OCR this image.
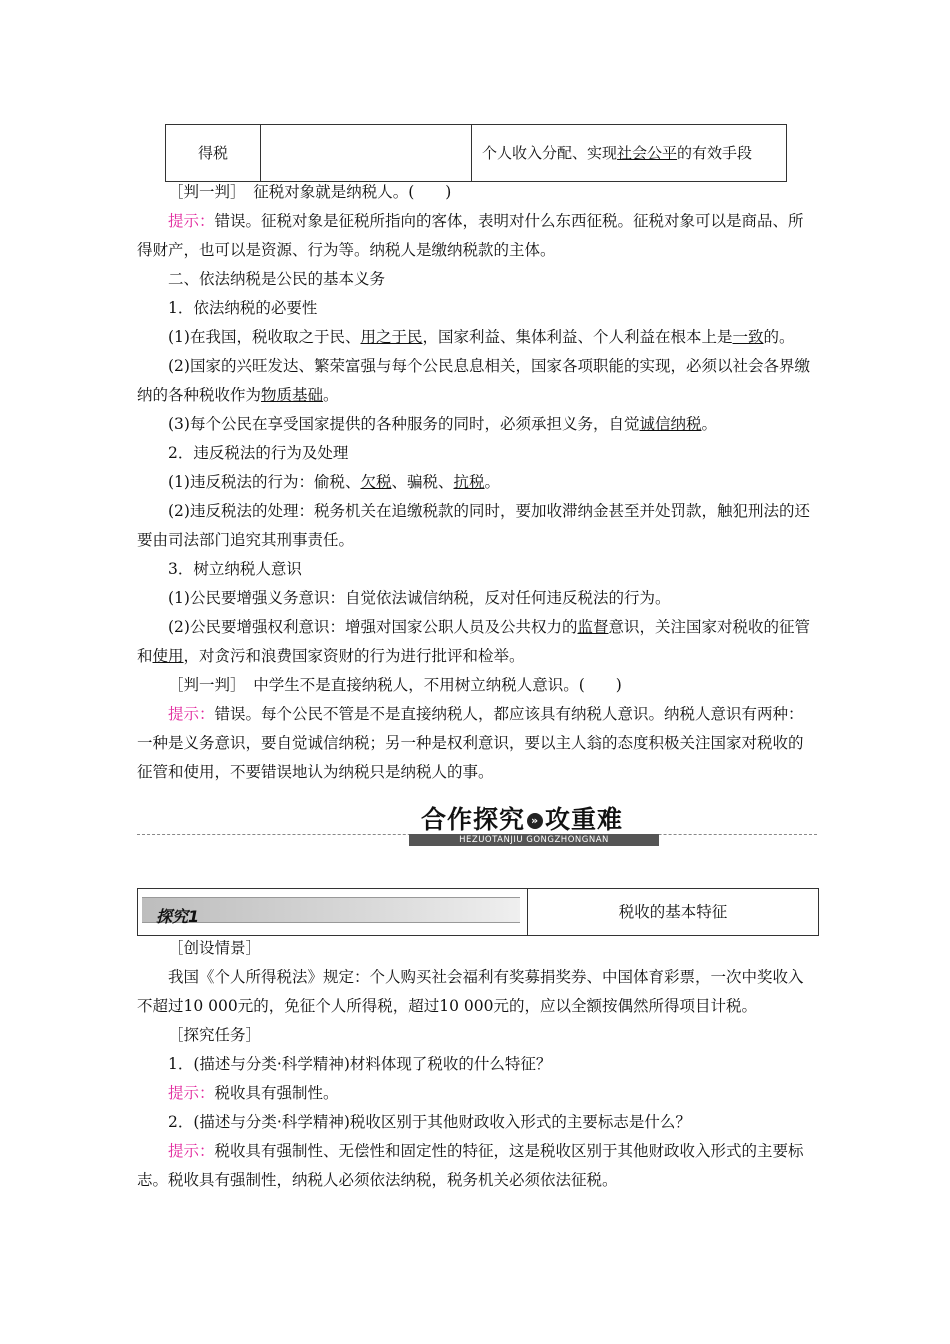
得税		个人收入分配、实现社会公平的有效手段
［判一判］　征税对象就是纳税人。(　　)
提示：错误。征税对象是征税所指向的客体，表明对什么东西征税。征税对象可以是商品、所得财产，也可以是资源、行为等。纳税人是缴纳税款的主体。
二、依法纳税是公民的基本义务
1．依法纳税的必要性
(1)在我国，税收取之于民、用之于民，国家利益、集体利益、个人利益在根本上是一致的。
(2)国家的兴旺发达、繁荣富强与每个公民息息相关，国家各项职能的实现，必须以社会各界缴纳的各种税收作为物质基础。
(3)每个公民在享受国家提供的各种服务的同时，必须承担义务，自觉诚信纳税。
2．违反税法的行为及处理
(1)违反税法的行为：偷税、欠税、骗税、抗税。
(2)违反税法的处理：税务机关在追缴税款的同时，要加收滞纳金甚至并处罚款，触犯刑法的还要由司法部门追究其刑事责任。
3．树立纳税人意识
(1)公民要增强义务意识：自觉依法诚信纳税，反对任何违反税法的行为。
(2)公民要增强权利意识：增强对国家公职人员及公共权力的监督意识，关注国家对税收的征管和使用，对贪污和浪费国家资财的行为进行批评和检举。
［判一判］　中学生不是直接纳税人，不用树立纳税人意识。(　　)
提示：错误。每个公民不管是不是直接纳税人，都应该具有纳税人意识。纳税人意识有两种：一种是义务意识，要自觉诚信纳税；另一种是权利意识，要以主人翁的态度积极关注国家对税收的征管和使用，不要错误地认为纳税只是纳税人的事。
合作探究 » 攻重难
HEZUOTANJIU GONGZHONGNAN
探究1	税收的基本特征
［创设情景］
我国《个人所得税法》规定：个人购买社会福利有奖募捐奖券、中国体育彩票，一次中奖收入不超过10 000元的，免征个人所得税，超过10 000元的，应以全额按偶然所得项目计税。
［探究任务］
1．(描述与分类·科学精神)材料体现了税收的什么特征？
提示：税收具有强制性。
2．(描述与分类·科学精神)税收区别于其他财政收入形式的主要标志是什么？
提示：税收具有强制性、无偿性和固定性的特征，这是税收区别于其他财政收入形式的主要标志。税收具有强制性，纳税人必须依法纳税，税务机关必须依法征税。
